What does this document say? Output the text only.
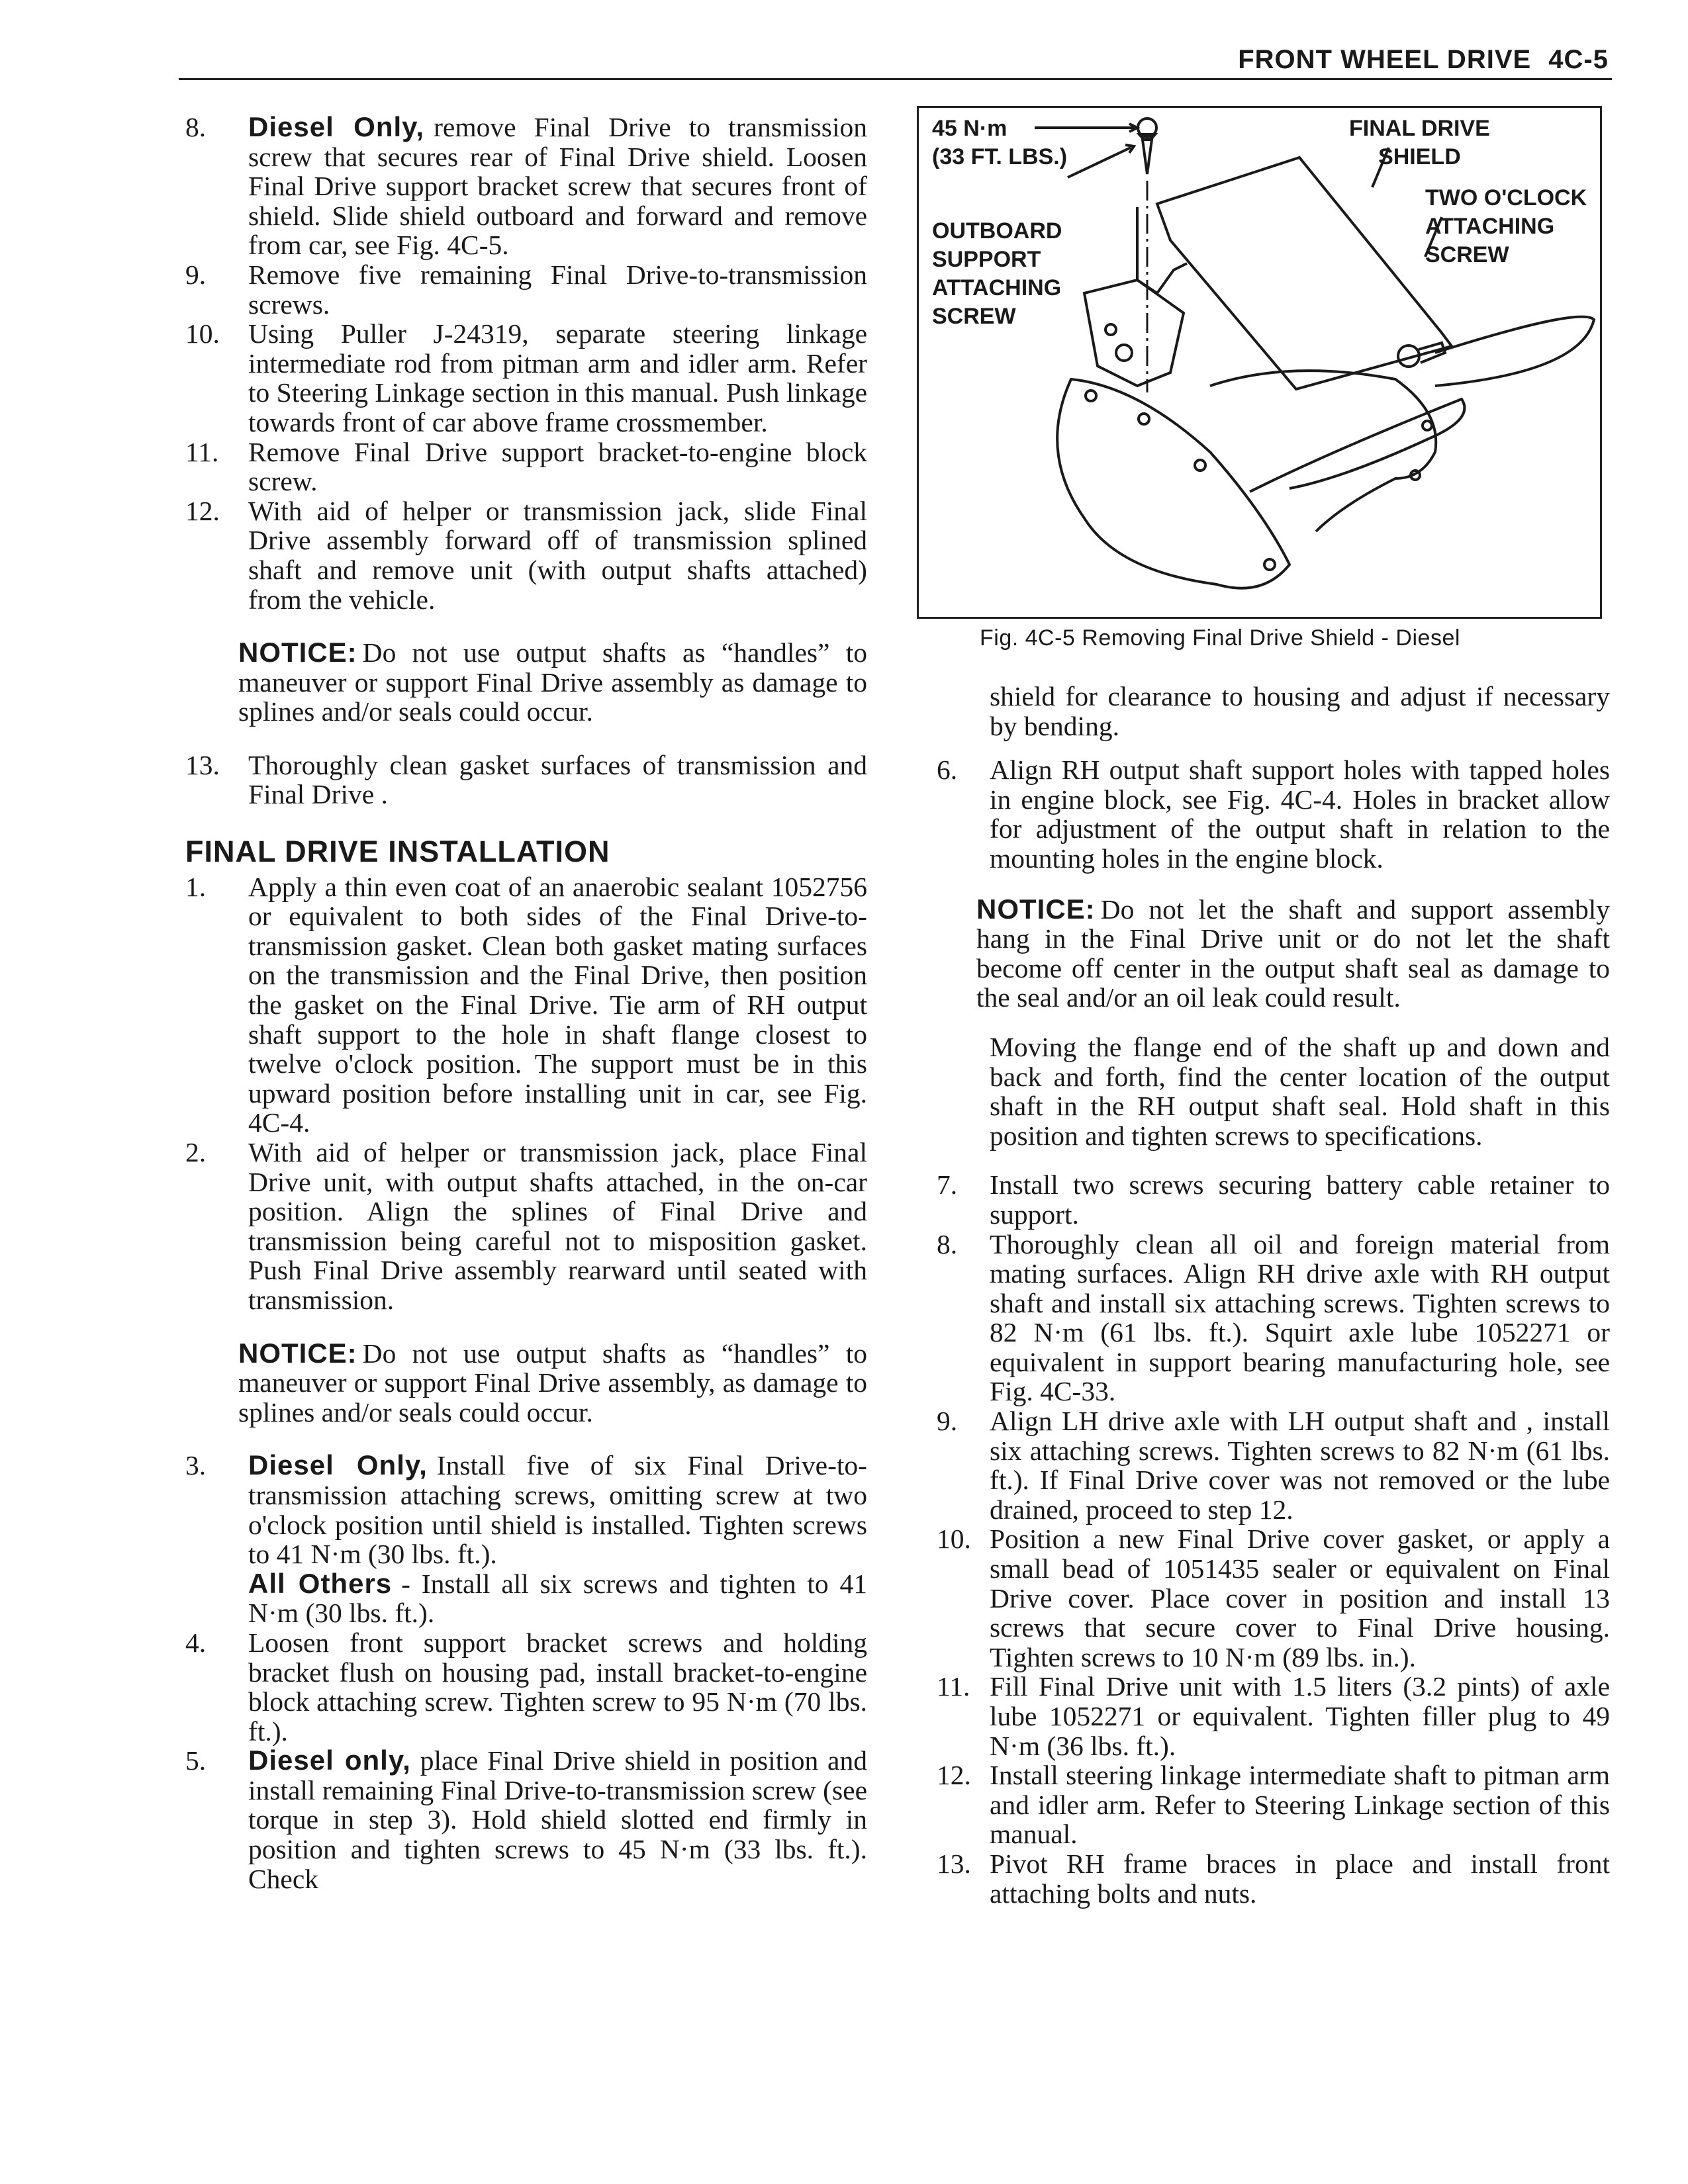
FRONT WHEEL DRIVE 4C-5
8.	Diesel Only, remove Final Drive to transmission screw that secures rear of Final Drive shield. Loosen Final Drive support bracket screw that secures front of shield. Slide shield outboard and forward and remove from car, see Fig. 4C-5.
9.	Remove five remaining Final Drive-to-transmission screws.
10.	Using Puller J-24319, separate steering linkage intermediate rod from pitman arm and idler arm. Refer to Steering Linkage section in this manual. Push linkage towards front of car above frame crossmember.
11.	Remove Final Drive support bracket-to-engine block screw.
12.	With aid of helper or transmission jack, slide Final Drive assembly forward off of transmission splined shaft and remove unit (with output shafts attached) from the vehicle.
NOTICE: Do not use output shafts as “handles” to maneuver or support Final Drive assembly as damage to splines and/or seals could occur.
13.	Thoroughly clean gasket surfaces of transmission and Final Drive .
FINAL DRIVE INSTALLATION
1.	Apply a thin even coat of an anaerobic sealant 1052756 or equivalent to both sides of the Final Drive-to-transmission gasket. Clean both gasket mating surfaces on the transmission and the Final Drive, then position the gasket on the Final Drive. Tie arm of RH output shaft support to the hole in shaft flange closest to twelve o'clock position. The support must be in this upward position before installing unit in car, see Fig. 4C-4.
2.	With aid of helper or transmission jack, place Final Drive unit, with output shafts attached, in the on-car position. Align the splines of Final Drive and transmission being careful not to misposition gasket. Push Final Drive assembly rearward until seated with transmission.
NOTICE: Do not use output shafts as “handles” to maneuver or support Final Drive assembly, as damage to splines and/or seals could occur.
3.	Diesel Only, Install five of six Final Drive-to-transmission attaching screws, omitting screw at two o'clock position until shield is installed. Tighten screws to 41 N·m (30 lbs. ft.).
All Others - Install all six screws and tighten to 41 N·m (30 lbs. ft.).
4.	Loosen front support bracket screws and holding bracket flush on housing pad, install bracket-to-engine block attaching screw. Tighten screw to 95 N·m (70 lbs. ft.).
5.	Diesel only, place Final Drive shield in position and install remaining Final Drive-to-transmission screw (see torque in step 3). Hold shield slotted end firmly in position and tighten screws to 45 N·m (33 lbs. ft.). Check
45 N·m
(33 FT. LBS.)
FINAL DRIVE
SHIELD
TWO O'CLOCK
ATTACHING
SCREW
OUTBOARD
SUPPORT
ATTACHING
SCREW
Fig. 4C-5 Removing Final Drive Shield - Diesel
shield for clearance to housing and adjust if necessary by bending.
6.	Align RH output shaft support holes with tapped holes in engine block, see Fig. 4C-4. Holes in bracket allow for adjustment of the output shaft in relation to the mounting holes in the engine block.
NOTICE: Do not let the shaft and support assembly hang in the Final Drive unit or do not let the shaft become off center in the output shaft seal as damage to the seal and/or an oil leak could result.
Moving the flange end of the shaft up and down and back and forth, find the center location of the output shaft in the RH output shaft seal. Hold shaft in this position and tighten screws to specifications.
7.	Install two screws securing battery cable retainer to support.
8.	Thoroughly clean all oil and foreign material from mating surfaces. Align RH drive axle with RH output shaft and install six attaching screws. Tighten screws to 82 N·m (61 lbs. ft.). Squirt axle lube 1052271 or equivalent in support bearing manufacturing hole, see Fig. 4C-33.
9.	Align LH drive axle with LH output shaft and , install six attaching screws. Tighten screws to 82 N·m (61 lbs. ft.). If Final Drive cover was not removed or the lube drained, proceed to step 12.
10. Position a new Final Drive cover gasket, or apply a small bead of 1051435 sealer or equivalent on Final Drive cover. Place cover in position and install 13 screws that secure cover to Final Drive housing. Tighten screws to 10 N·m (89 lbs. in.).
11. Fill Final Drive unit with 1.5 liters (3.2 pints) of axle lube 1052271 or equivalent. Tighten filler plug to 49 N·m (36 lbs. ft.).
12. Install steering linkage intermediate shaft to pitman arm and idler arm. Refer to Steering Linkage section of this manual.
13. Pivot RH frame braces in place and install front attaching bolts and nuts.
